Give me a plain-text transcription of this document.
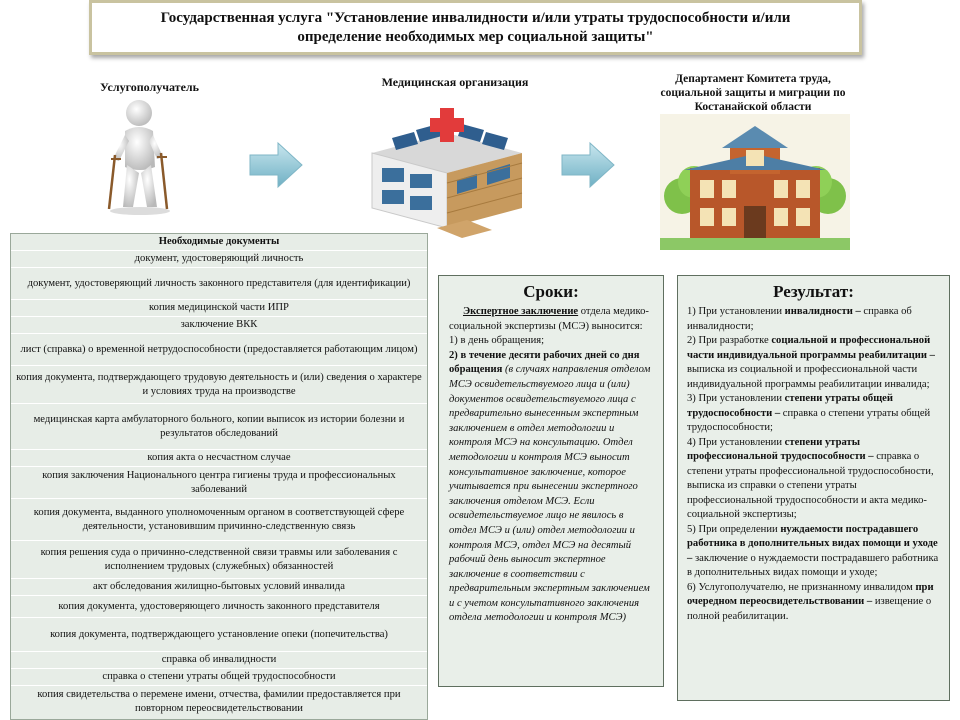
Государственная услуга "Установление инвалидности и/или утраты трудоспособности и/или
определение необходимых мер социальной защиты"
Услугополучатель	Медицинская организация	Департамент Комитета труда, социальной защиты и миграции по Костанайской области
Необходимые документы
документ, удостоверяющий личность
документ, удостоверяющий личность законного представителя (для идентификации)
копия медицинской части ИПР
заключение ВКК
лист (справка) о временной нетрудоспособности (предоставляется работающим лицом)
копия документа, подтверждающего трудовую деятельность и (или) сведения о характере и условиях труда на производстве
медицинская карта амбулаторного больного, копии выписок из истории болезни и результатов обследований
копия акта о несчастном случае
копия заключения Национального центра гигиены труда и профессиональных заболеваний
копия документа, выданного уполномоченным органом в соответствующей сфере деятельности, установившим причинно-следственную связь
копия решения суда о причинно-следственной связи травмы или заболевания с исполнением трудовых (служебных) обязанностей
акт обследования жилищно-бытовых условий инвалида
копия документа, удостоверяющего личность законного представителя
копия документа, подтверждающего установление опеки (попечительства)
справка об инвалидности
справка о степени утраты общей трудоспособности
копия свидетельства о перемене имени, отчества, фамилии предоставляется при повторном переосвидетельствовании
Сроки:
Экспертное заключение отдела медико-социальной экспертизы (МСЭ) выносится:
1) в день обращения;
2) в течение десяти рабочих дней со дня обращения (в случаях направления отделом МСЭ освидетельствуемого лица и (или) документов освидетельствуемого лица с предварительно вынесенным экспертным заключением в отдел методологии и контроля МСЭ на консультацию. Отдел методологии и контроля МСЭ выносит консультативное заключение, которое учитывается при вынесении экспертного заключения отделом МСЭ. Если освидетельствуемое лицо не явилось в отдел МСЭ и (или) отдел методологии и контроля МСЭ, отдел МСЭ на десятый рабочий день выносит экспертное заключение в соответствии с предварительным экспертным заключением и с учетом консультативного заключения отдела методологии и контроля МСЭ)
Результат:

1) При установлении инвалидности – справка об инвалидности;

2) При разработке социальной и профессиональной части индивидуальной программы реабилитации – выписка из социальной и профессиональной части индивидуальной программы реабилитации инвалида;

3) При установлении степени утраты общей трудоспособности – справка о степени утраты общей трудоспособности;

4) При установлении степени утраты профессиональной трудоспособности – справка о степени утраты профессиональной трудоспособности, выписка из справки о степени утраты профессиональной трудоспособности и акта медико-социальной экспертизы;

5) При определении нуждаемости пострадавшего работника в дополнительных видах помощи и уходе – заключение о нуждаемости пострадавшего работника в дополнительных видах помощи и уходе;

6) Услугополучателю, не признанному инвалидом при очередном переосвидетельствовании – извещение о полной реабилитации.
